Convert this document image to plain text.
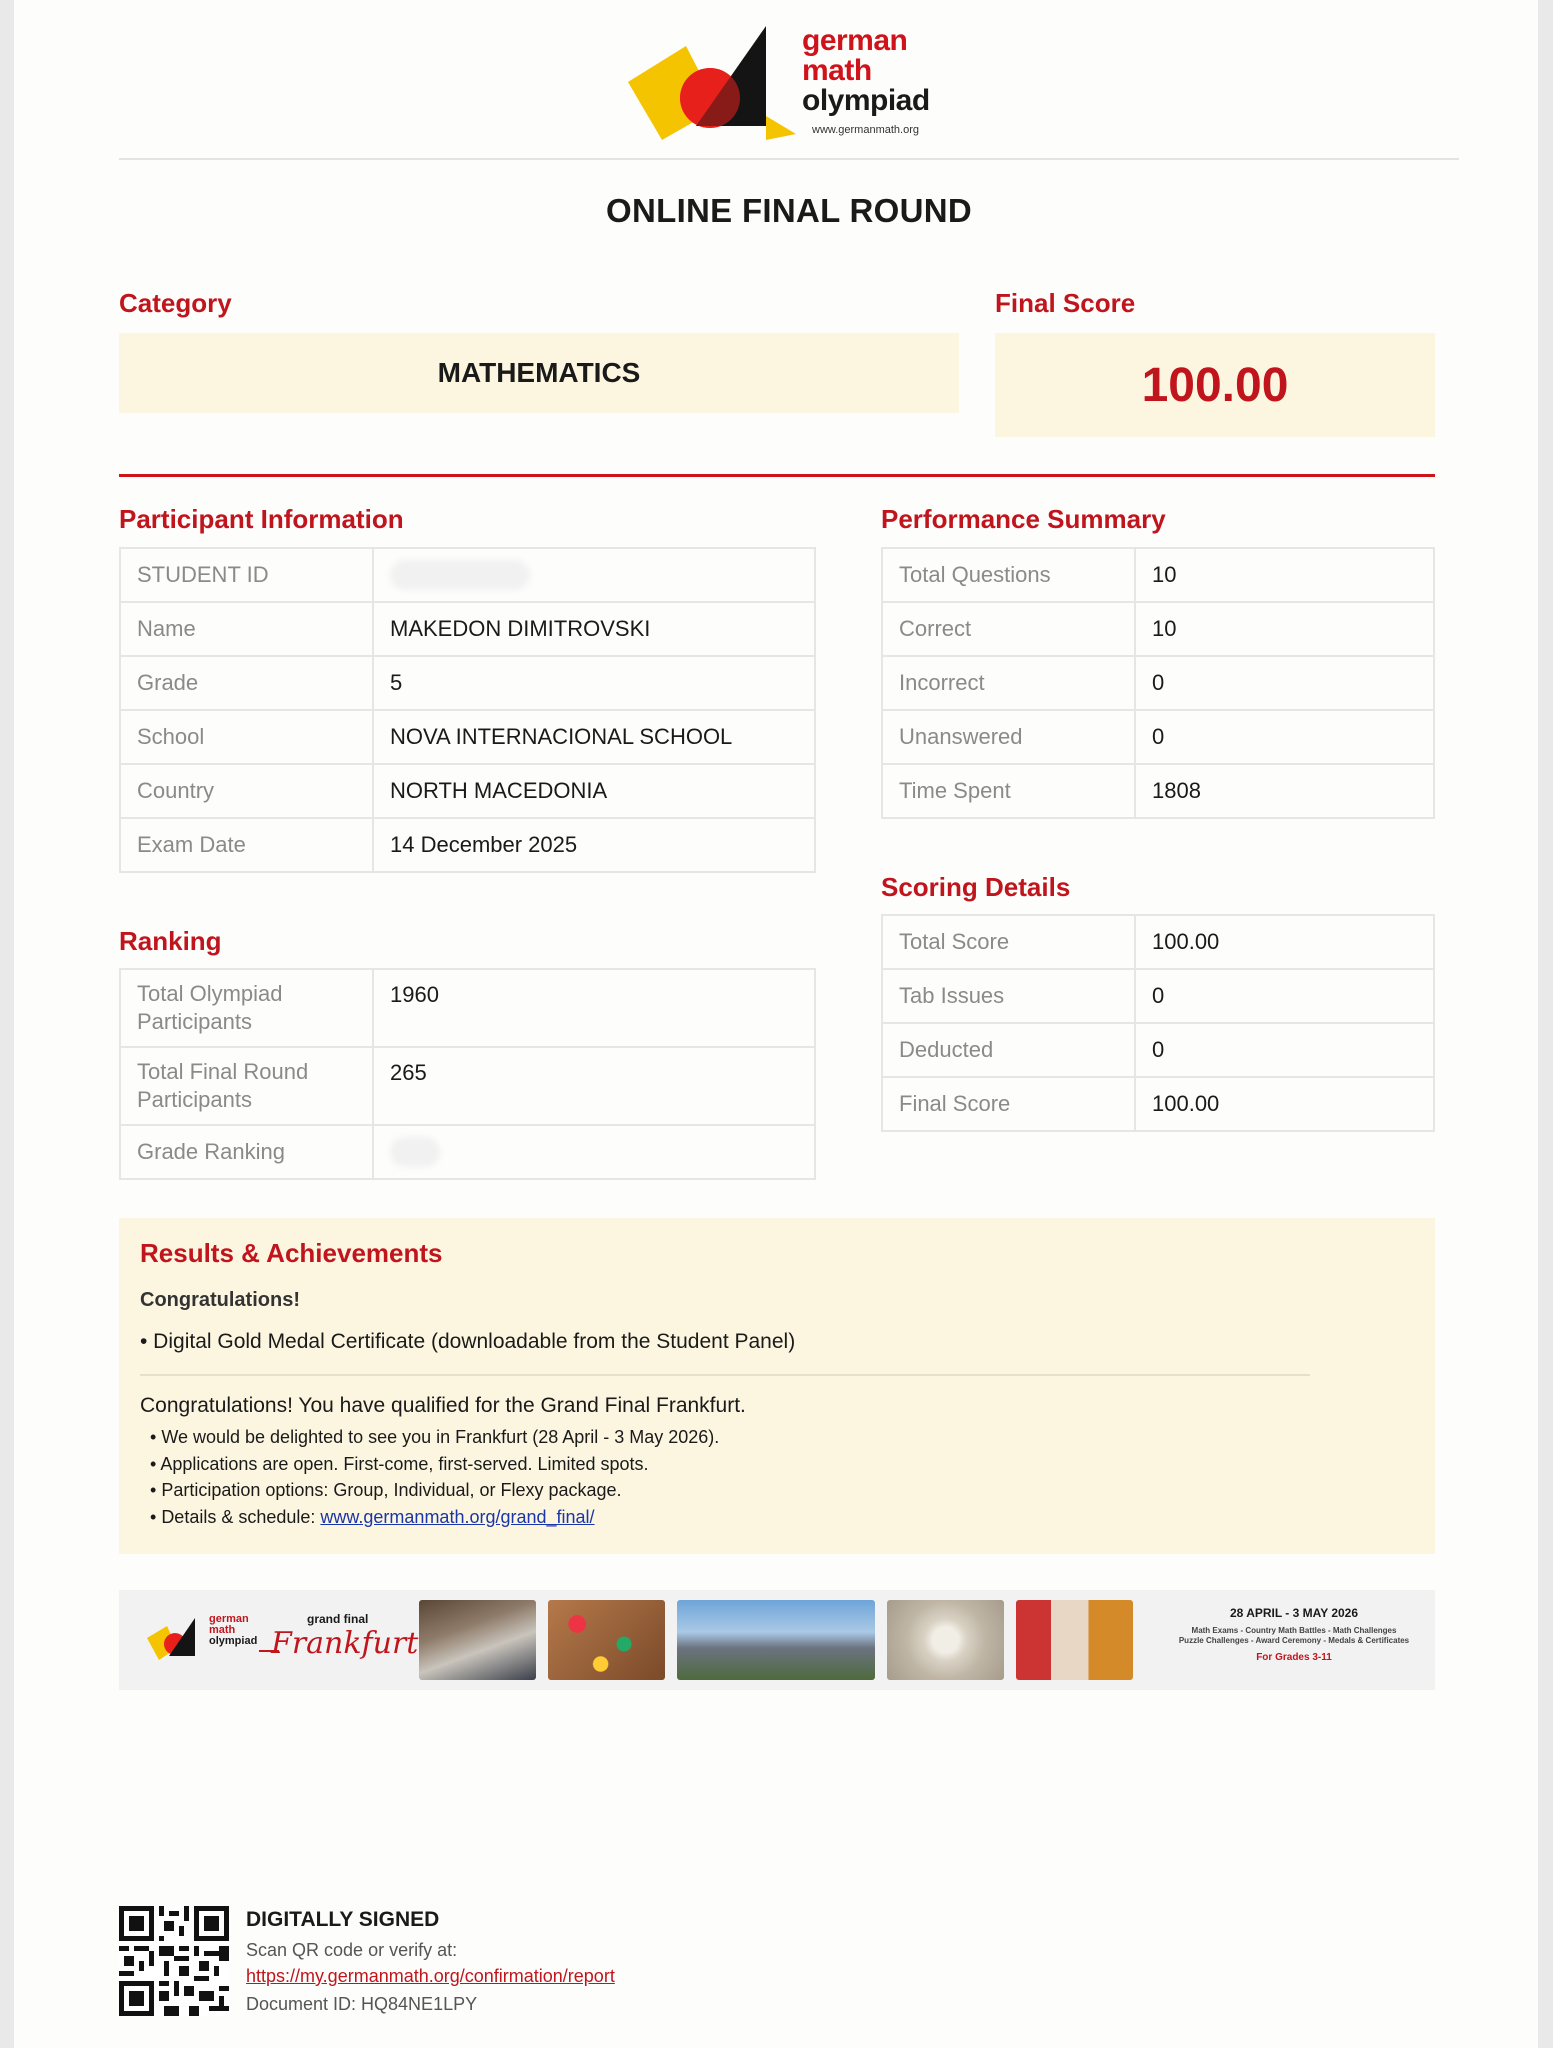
german
math
olympiad
www.germanmath.org
ONLINE FINAL ROUND
Category
MATHEMATICS
Final Score
100.00
Participant Information
STUDENT ID	
Name	MAKEDON DIMITROVSKI
Grade	5
School	NOVA INTERNACIONAL SCHOOL
Country	NORTH MACEDONIA
Exam Date	14 December 2025
Performance Summary
Total Questions	10
Correct	10
Incorrect	0
Unanswered	0
Time Spent	1808
Scoring Details
Total Score	100.00
Tab Issues	0
Deducted	0
Final Score	100.00
Ranking
Total Olympiad
Participants	1960
Total Final Round
Participants	265
Grade Ranking	
Results & Achievements
Congratulations!
• Digital Gold Medal Certificate (downloadable from the Student Panel)
Congratulations! You have qualified for the Grand Final Frankfurt.
• We would be delighted to see you in Frankfurt (28 April - 3 May 2026).
• Applications are open. First-come, first-served. Limited spots.
• Participation options: Group, Individual, or Flexy package.
• Details & schedule: www.germanmath.org/grand_final/
german
math
olympiad
grand final
Frankfurt
28 APRIL - 3 MAY 2026
Math Exams - Country Math Battles - Math Challenges
Puzzle Challenges - Award Ceremony - Medals & Certificates
For Grades 3-11
DIGITALLY SIGNED
Scan QR code or verify at:
https://my.germanmath.org/confirmation/report
Document ID: HQ84NE1LPY
